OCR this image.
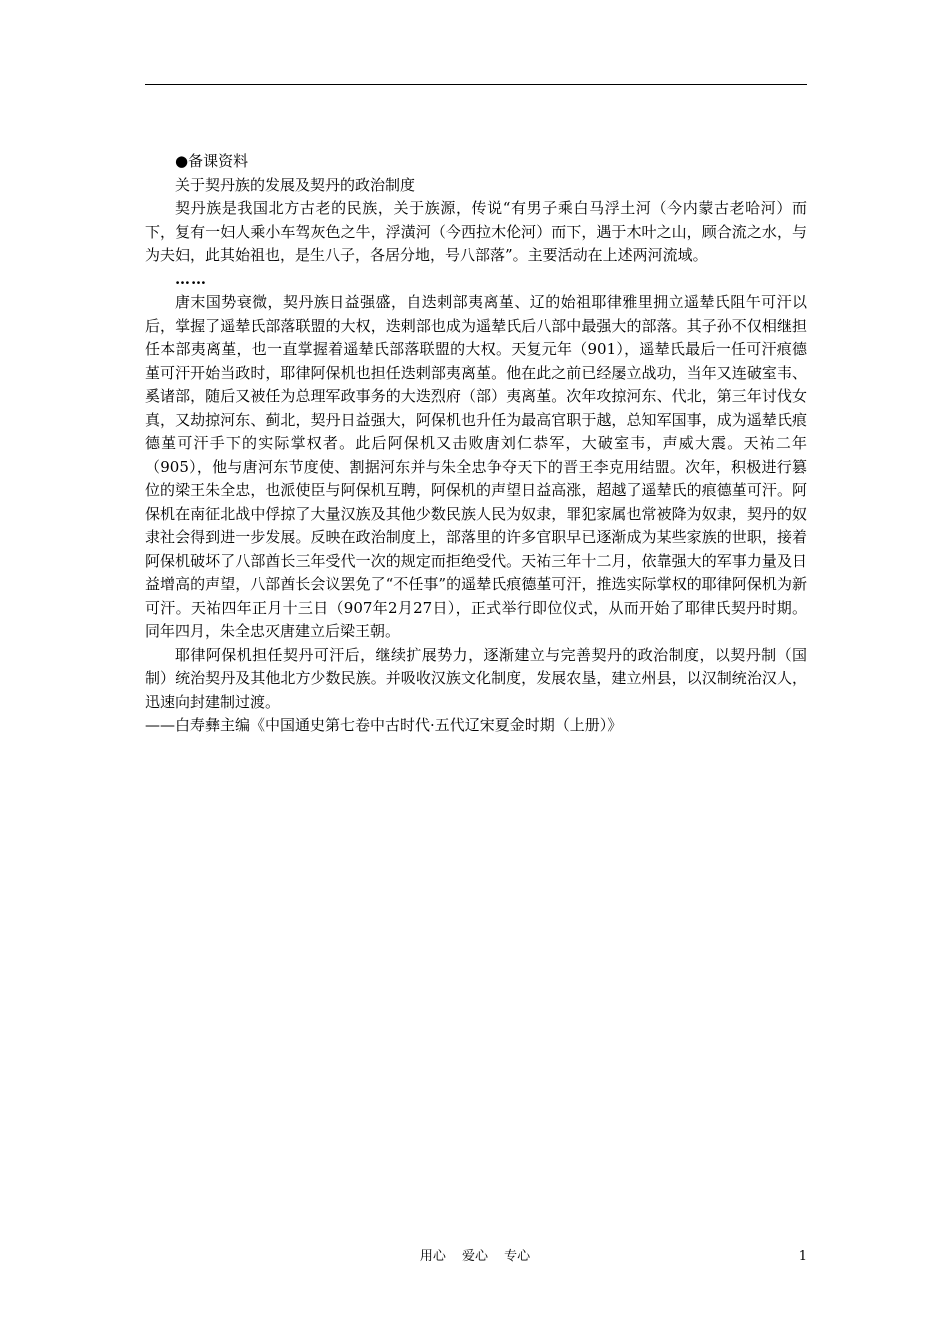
●备课资料

关于契丹族的发展及契丹的政治制度

契丹族是我国北方古老的民族，关于族源，传说“有男子乘白马浮土河（今内蒙古老哈河）而下，复有一妇人乘小车驾灰色之牛，浮潢河（今西拉木伦河）而下，遇于木叶之山，顾合流之水，与为夫妇，此其始祖也，是生八子，各居分地，号八部落”。主要活动在上述两河流域。

……

唐末国势衰微，契丹族日益强盛，自迭剌部夷离堇、辽的始祖耶律雅里拥立遥辇氏阻午可汗以后，掌握了遥辇氏部落联盟的大权，迭剌部也成为遥辇氏后八部中最强大的部落。其子孙不仅相继担任本部夷离堇，也一直掌握着遥辇氏部落联盟的大权。天复元年（901），遥辇氏最后一任可汗痕德堇可汗开始当政时，耶律阿保机也担任迭剌部夷离堇。他在此之前已经屡立战功，当年又连破室韦、奚诸部，随后又被任为总理军政事务的大迭烈府（部）夷离堇。次年攻掠河东、代北，第三年讨伐女真，又劫掠河东、蓟北，契丹日益强大，阿保机也升任为最高官职于越，总知军国事，成为遥辇氏痕德堇可汗手下的实际掌权者。此后阿保机又击败唐刘仁恭军，大破室韦，声威大震。天祐二年（905），他与唐河东节度使、割据河东并与朱全忠争夺天下的晋王李克用结盟。次年，积极进行篡位的梁王朱全忠，也派使臣与阿保机互聘，阿保机的声望日益高涨，超越了遥辇氏的痕德堇可汗。阿保机在南征北战中俘掠了大量汉族及其他少数民族人民为奴隶，罪犯家属也常被降为奴隶，契丹的奴隶社会得到进一步发展。反映在政治制度上，部落里的许多官职早已逐渐成为某些家族的世职，接着阿保机破坏了八部酋长三年受代一次的规定而拒绝受代。天祐三年十二月，依靠强大的军事力量及日益增高的声望，八部酋长会议罢免了“不任事”的遥辇氏痕德堇可汗，推选实际掌权的耶律阿保机为新可汗。天祐四年正月十三日（907年2月27日），正式举行即位仪式，从而开始了耶律氏契丹时期。同年四月，朱全忠灭唐建立后梁王朝。

耶律阿保机担任契丹可汗后，继续扩展势力，逐渐建立与完善契丹的政治制度，以契丹制（国制）统治契丹及其他北方少数民族。并吸收汉族文化制度，发展农垦，建立州县，以汉制统治汉人，迅速向封建制过渡。

——白寿彝主编《中国通史第七卷中古时代·五代辽宋夏金时期（上册）》

用心 爱心 专心	1
